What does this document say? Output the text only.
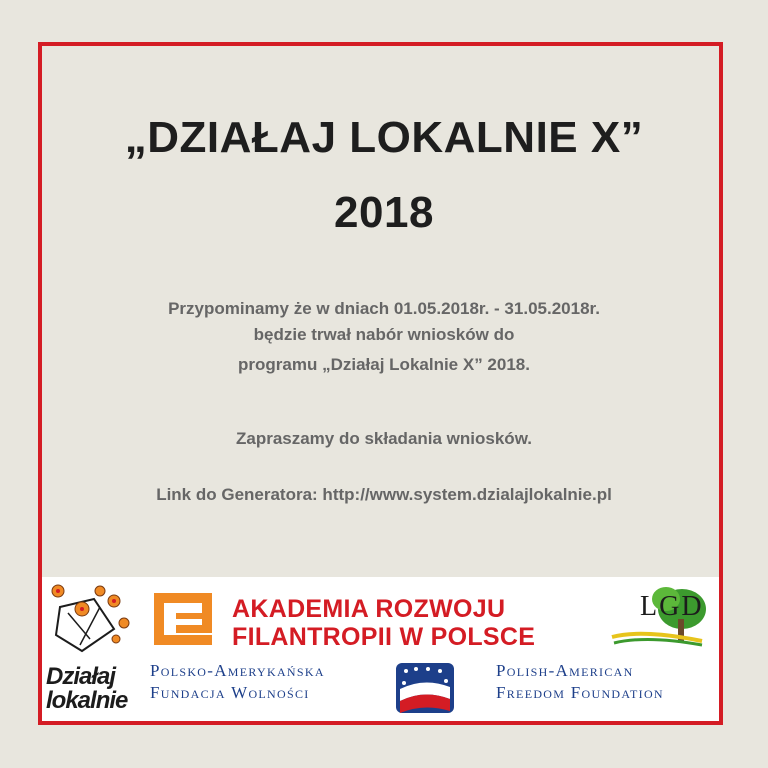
„DZIAŁAJ LOKALNIE X”
2018
Przypominamy że w dniach 01.05.2018r. - 31.05.2018r.
będzie trwał nabór wniosków do
programu „Działaj Lokalnie X” 2018.
Zapraszamy do składania wniosków.
Link do Generatora: http://www.system.dzialajlokalnie.pl
Działaj
lokalnie
AKADEMIA ROZWOJU
FILANTROPII W POLSCE
LGD
Polsko-Amerykańska
Fundacja Wolności
Polish-American
Freedom Foundation
